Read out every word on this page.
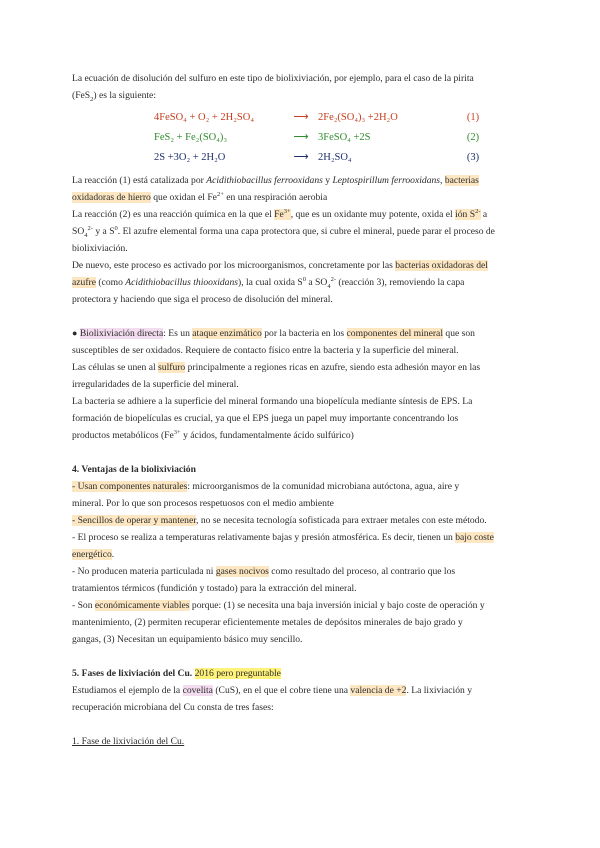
La ecuación de disolución del sulfuro en este tipo de biolixiviación, por ejemplo, para el caso de la pirita
(FeS$_2$) es la siguiente:

4FeSO₄ + O₂ + 2H₂SO₄	⟶ 2Fe₂(SO₄)₃ +2H₂O	(1)
FeS₂ + Fe₂(SO₄)₃	⟶ 3FeSO₄ +2S	(2)
2S +3O₂ + 2H₂O	⟶ 2H₂SO₄	(3)

La reacción (1) está catalizada por Acidithiobacillus ferrooxidans y Leptospirillum ferrooxidans, bacterias
oxidadoras de hierro que oxidan el $Fe^{2+}$ en una respiración aerobia

La reacción (2) es una reacción química en la que el $Fe^{3+}$, que es un oxidante muy potente, oxida el ión $S^{2-}$ a
$SO_4^{2-}$ y a $S^0$. El azufre elemental forma una capa protectora que, si cubre el mineral, puede parar el proceso de
biolixiviación.

De nuevo, este proceso es activado por los microorganismos, concretamente por las bacterias oxidadoras del
azufre (como Acidithiobacillus thiooxidans), la cual oxida $S^0$ a $SO_4^{2-}$ (reacción 3), removiendo la capa
protectora y haciendo que siga el proceso de disolución del mineral.

● Biolixiviación directa: Es un ataque enzimático por la bacteria en los componentes del mineral que son
susceptibles de ser oxidados. Requiere de contacto físico entre la bacteria y la superficie del mineral.
Las células se unen al sulfuro principalmente a regiones ricas en azufre, siendo esta adhesión mayor en las
irregularidades de la superficie del mineral.
La bacteria se adhiere a la superficie del mineral formando una biopelícula mediante síntesis de EPS. La
formación de biopelículas es crucial, ya que el EPS juega un papel muy importante concentrando los
productos metabólicos ($Fe^{3+}$ y ácidos, fundamentalmente ácido sulfúrico)

4. Ventajas de la biolixiviación

- Usan componentes naturales: microorganismos de la comunidad microbiana autóctona, agua, aire y
mineral. Por lo que son procesos respetuosos con el medio ambiente
- Sencillos de operar y mantener, no se necesita tecnología sofisticada para extraer metales con este método.
- El proceso se realiza a temperaturas relativamente bajas y presión atmosférica. Es decir, tienen un bajo coste
energético.
- No producen materia particulada ni gases nocivos como resultado del proceso, al contrario que los
tratamientos térmicos (fundición y tostado) para la extracción del mineral.
- Son económicamente viables porque: (1) se necesita una baja inversión inicial y bajo coste de operación y
mantenimiento, (2) permiten recuperar eficientemente metales de depósitos minerales de bajo grado y
gangas, (3) Necesitan un equipamiento básico muy sencillo.

5. Fases de lixiviación del Cu. 2016 pero preguntable

Estudiamos el ejemplo de la covelita (CuS), en el que el cobre tiene una valencia de +2. La lixiviación y
recuperación microbiana del Cu consta de tres fases:

1. Fase de lixiviación del Cu.
